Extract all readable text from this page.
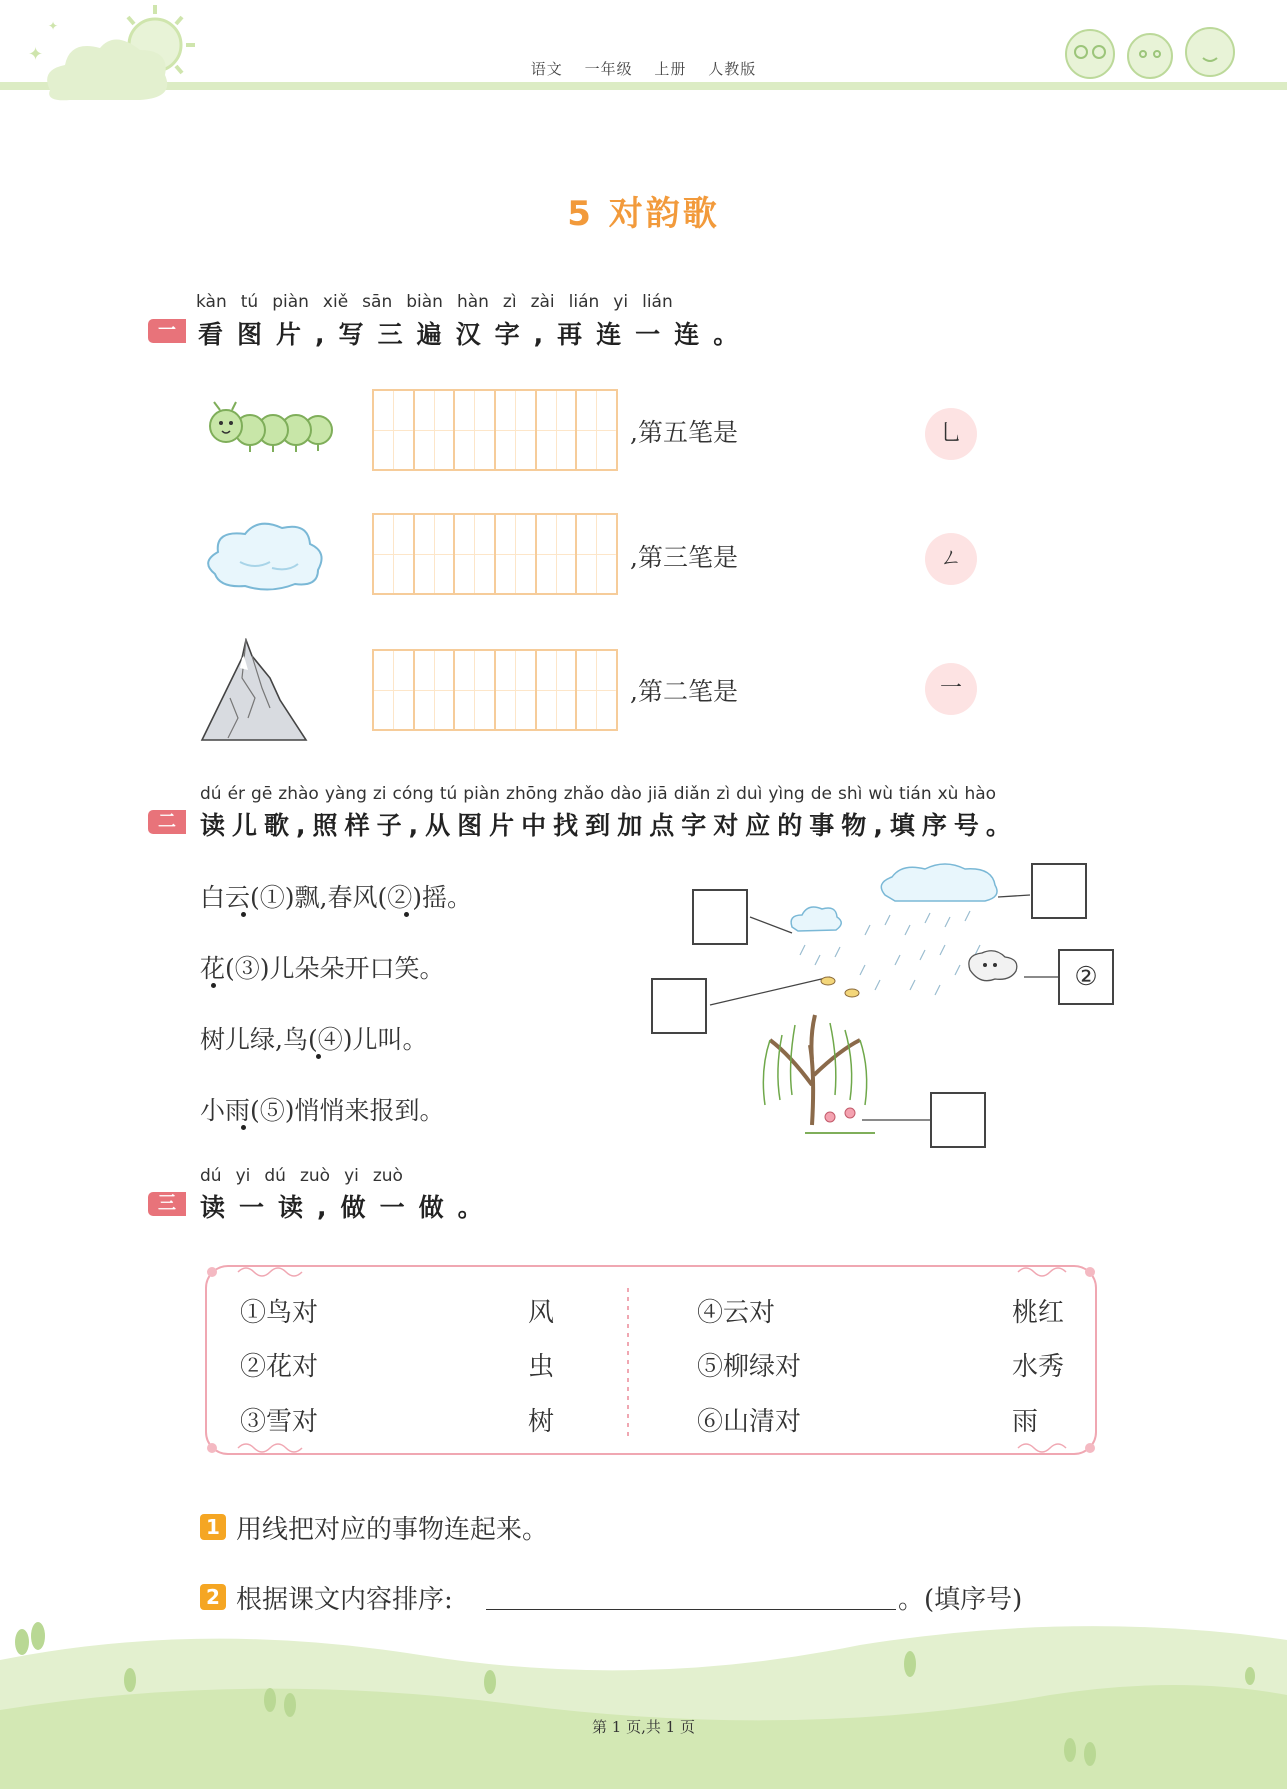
✦
✦
语文 一年级 上册 人教版
5 对韵歌
一
kàn tú piàn xiě sān biàn hàn zì zài lián yi lián
看 图 片 , 写 三 遍 汉 字 , 再 连 一 连 。
,第五笔是	乚
,第三笔是	ㄥ
,第二笔是	一
二
dú ér gē zhào yàng zi cóng tú piàn zhōng zhǎo dào jiā diǎn zì duì yìng de shì wù tián xù hào
读 儿 歌 , 照 样 子 , 从 图 片 中 找 到 加 点 字 对 应 的 事 物 , 填 序 号 。
白云(①)飘,春风(②)摇。
花(③)儿朵朵开口笑。
树儿绿,鸟(④)儿叫。
小雨(⑤)悄悄来报到。
②
三
dú yi dú zuò yi zuò
读 一 读 , 做 一 做 。
①鸟对	风
②花对	虫
③雪对	树
④云对	桃红
⑤柳绿对	水秀
⑥山清对	雨
1 用线把对应的事物连起来。
2 根据课文内容排序:	。(填序号)
第 1 页,共 1 页
